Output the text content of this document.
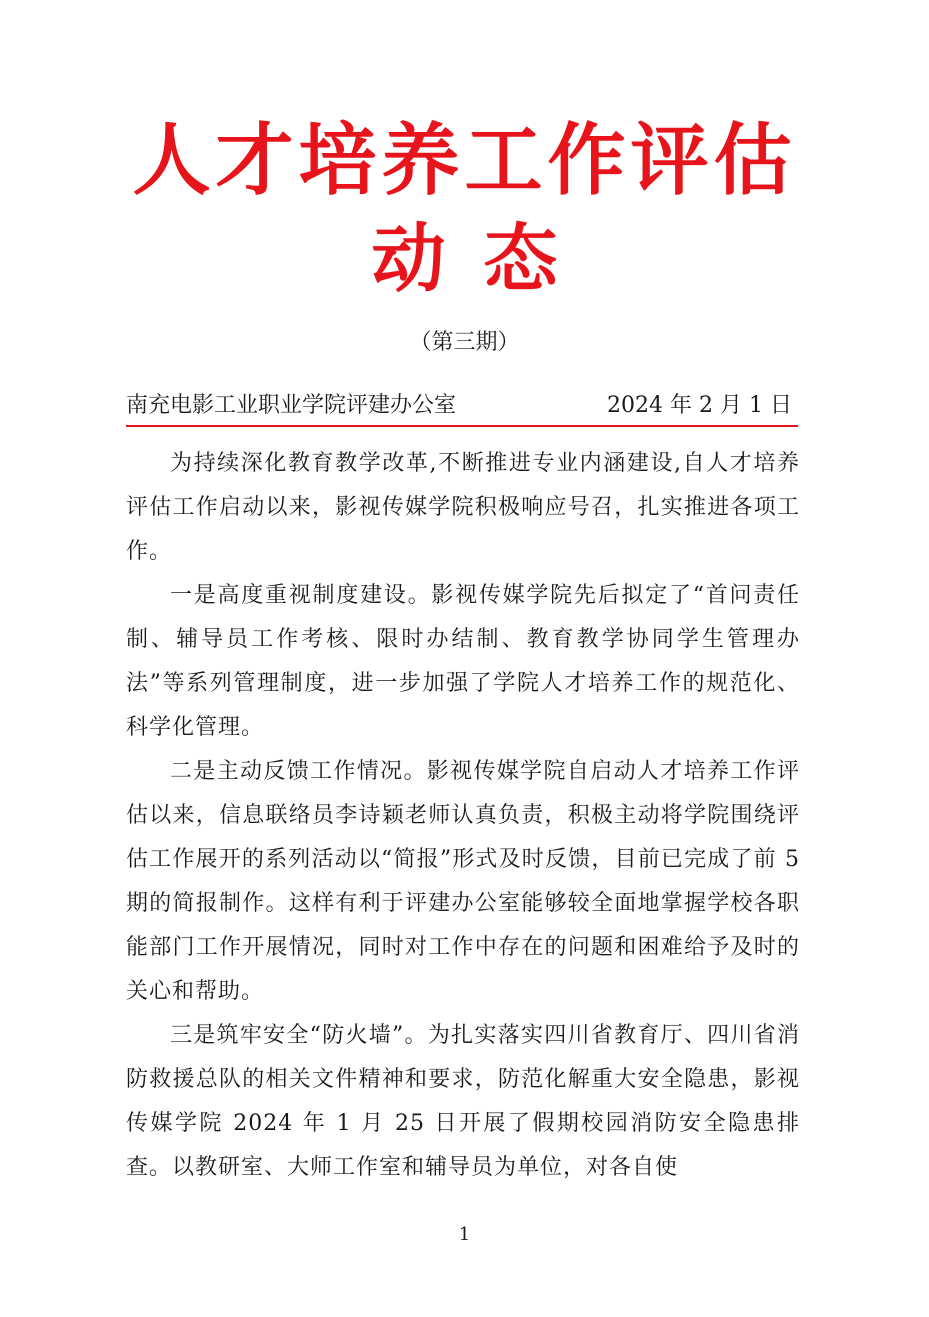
人才培养工作评估
动态
（第三期）
南充电影工业职业学院评建办公室	2024 年 2 月 1 日

为持续深化教育教学改革,不断推进专业内涵建设,自人才培养评估工作启动以来，影视传媒学院积极响应号召，扎实推进各项工作。

一是高度重视制度建设。影视传媒学院先后拟定了“首问责任制、辅导员工作考核、限时办结制、教育教学协同学生管理办法”等系列管理制度，进一步加强了学院人才培养工作的规范化、科学化管理。

二是主动反馈工作情况。影视传媒学院自启动人才培养工作评估以来，信息联络员李诗颖老师认真负责，积极主动将学院围绕评估工作展开的系列活动以“简报”形式及时反馈，目前已完成了前 5 期的简报制作。这样有利于评建办公室能够较全面地掌握学校各职能部门工作开展情况，同时对工作中存在的问题和困难给予及时的关心和帮助。

三是筑牢安全“防火墙”。为扎实落实四川省教育厅、四川省消防救援总队的相关文件精神和要求，防范化解重大安全隐患，影视传媒学院 2024 年 1 月 25 日开展了假期校园消防安全隐患排查。以教研室、大师工作室和辅导员为单位，对各自使

1
